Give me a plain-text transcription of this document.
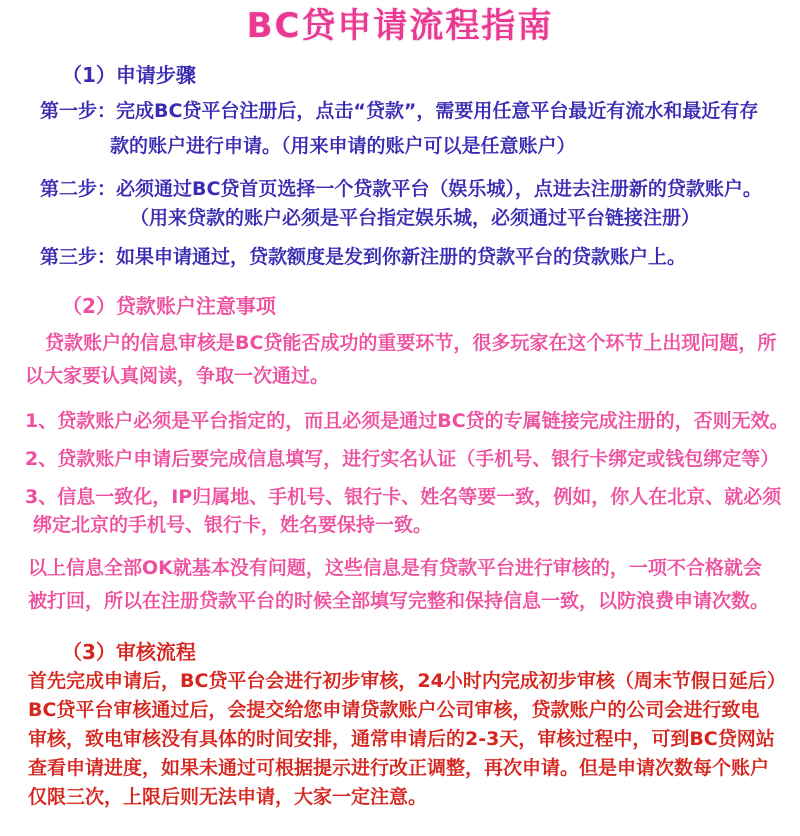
BC贷申请流程指南
（1）申请步骤
第一步：完成BC贷平台注册后，点击“贷款”，需要用任意平台最近有流水和最近有存
款的账户进行申请。（用来申请的账户可以是任意账户）
第二步：必须通过BC贷首页选择一个贷款平台（娱乐城），点进去注册新的贷款账户。
（用来贷款的账户必须是平台指定娱乐城，必须通过平台链接注册）
第三步：如果申请通过，贷款额度是发到你新注册的贷款平台的贷款账户上。
（2）贷款账户注意事项
贷款账户的信息审核是BC贷能否成功的重要环节，很多玩家在这个环节上出现问题，所
以大家要认真阅读，争取一次通过。
1、贷款账户必须是平台指定的，而且必须是通过BC贷的专属链接完成注册的，否则无效。
2、贷款账户申请后要完成信息填写，进行实名认证（手机号、银行卡绑定或钱包绑定等）
3、信息一致化，IP归属地、手机号、银行卡、姓名等要一致，例如，你人在北京、就必须
绑定北京的手机号、银行卡，姓名要保持一致。
以上信息全部OK就基本没有问题，这些信息是有贷款平台进行审核的，一项不合格就会
被打回，所以在注册贷款平台的时候全部填写完整和保持信息一致，以防浪费申请次数。
（3）审核流程
首先完成申请后，BC贷平台会进行初步审核，24小时内完成初步审核（周末节假日延后）
BC贷平台审核通过后，会提交给您申请贷款账户公司审核，贷款账户的公司会进行致电
审核，致电审核没有具体的时间安排，通常申请后的2-3天，审核过程中，可到BC贷网站
查看申请进度，如果未通过可根据提示进行改正调整，再次申请。但是申请次数每个账户
仅限三次，上限后则无法申请，大家一定注意。
